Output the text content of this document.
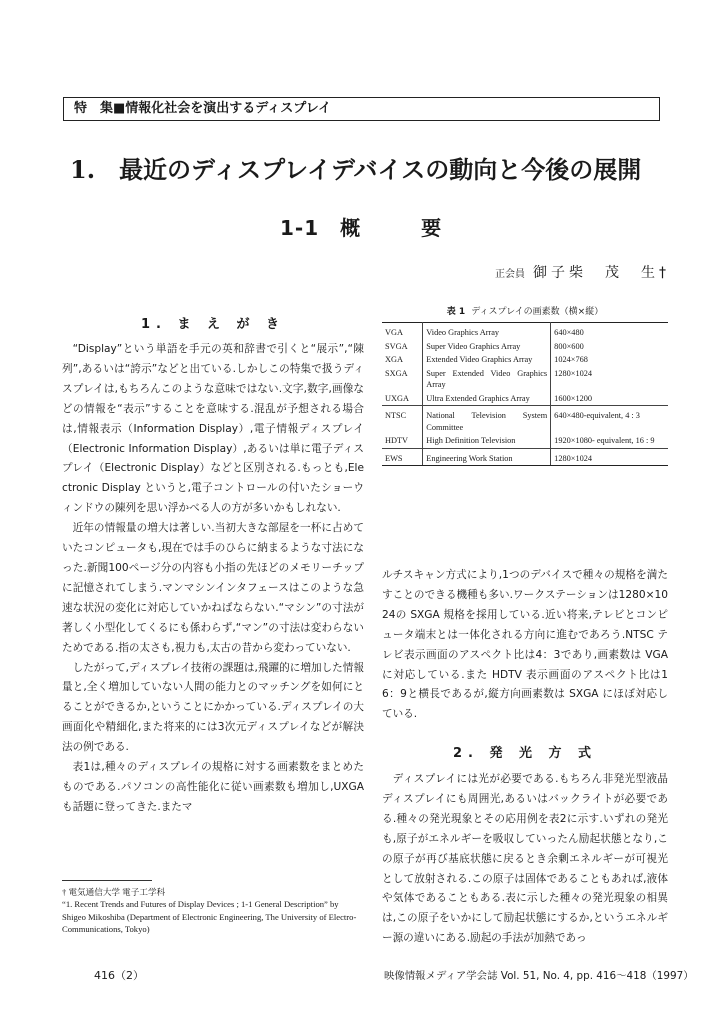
特　集■情報化社会を演出するディスプレイ
1. 最近のディスプレイデバイスの動向と今後の展開
1-1　概	要
正会員 御子柴　茂　生†
1. ま え が き

“Display”という単語を手元の英和辞書で引くと“展示”,“陳列”,あるいは“誇示”などと出ている.しかしこの特集で扱うディスプレイは,もちろんこのような意味ではない.文字,数字,画像などの情報を“表示”することを意味する.混乱が予想される場合は,情報表示（Information Display）,電子情報ディスプレイ（Electronic Information Display）,あるいは単に電子ディスプレイ（Electronic Display）などと区別される.もっとも,Electronic Display というと,電子コントロールの付いたショーウィンドウの陳列を思い浮かべる人の方が多いかもしれない.

近年の情報量の増大は著しい.当初大きな部屋を一杯に占めていたコンピュータも,現在では手のひらに納まるような寸法になった.新聞100ページ分の内容も小指の先ほどのメモリーチップに記憶されてしまう.マンマシンインタフェースはこのような急速な状況の変化に対応していかねばならない.“マシン”の寸法が著しく小型化してくるにも係わらず,“マン”の寸法は変わらないためである.指の太さも,視力も,太古の昔から変わっていない.

したがって,ディスプレイ技術の課題は,飛躍的に増加した情報量と,全く増加していない人間の能力とのマッチングを如何にとることができるか,ということにかかっている.ディスプレイの大画面化や精細化,また将来的には3次元ディスプレイなどが解決法の例である.

表1は,種々のディスプレイの規格に対する画素数をまとめたものである.パソコンの高性能化に従い画素数も増加し,UXGA も話題に登ってきた.またマ

表 1 ディスプレイの画素数（横×縦）
VGA	Video Graphics Array	640×480
SVGA	Super Video Graphics Array	800×600
XGA	Extended Video Graphics Array	1024×768
SXGA	Super Extended Video Graphics Array	1280×1024
UXGA	Ultra Extended Graphics Array	1600×1200
NTSC	National Television System Committee	640×480-equivalent, 4 : 3
HDTV	High Definition Television	1920×1080- equivalent, 16 : 9
EWS	Engineering Work Station	1280×1024

ルチスキャン方式により,1つのデバイスで種々の規格を満たすことのできる機種も多い.ワークステーションは1280×1024の SXGA 規格を採用している.近い将来,テレビとコンピュータ端末とは一体化される方向に進むであろう.NTSC テレビ表示画面のアスペクト比は4：3であり,画素数は VGA に対応している.また HDTV 表示画面のアスペクト比は16：9と横長であるが,縦方向画素数は SXGA にほぼ対応している.

2. 発 光 方 式

ディスプレイには光が必要である.もちろん非発光型液晶ディスプレイにも周囲光,あるいはバックライトが必要である.種々の発光現象とその応用例を表2に示す.いずれの発光も,原子がエネルギーを吸収していったん励起状態となり,この原子が再び基底状態に戻るとき余剰エネルギーが可視光として放射される.この原子は固体であることもあれば,液体や気体であることもある.表に示した種々の発光現象の相異は,この原子をいかにして励起状態にするか,というエネルギー源の違いにある.励起の手法が加熱であっ

† 電気通信大学 電子工学科
“1. Recent Trends and Futures of Display Devices ; 1-1 General Description” by Shigeo Mikoshiba (Department of Electronic Engineering, The University of Electro-Communications, Tokyo)
416（2）	映像情報メディア学会誌 Vol. 51, No. 4, pp. 416～418（1997）
